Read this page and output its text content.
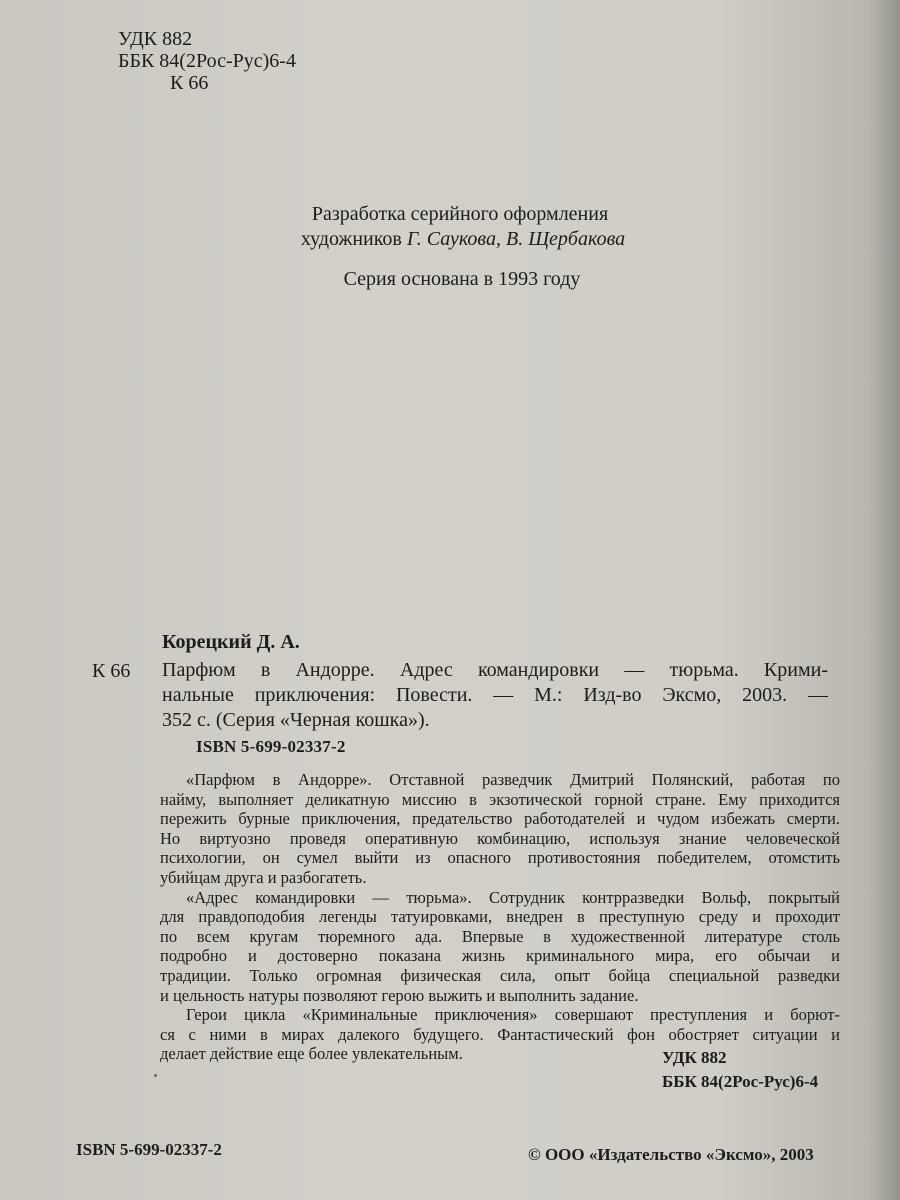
УДК 882
ББК 84(2Рос-Рус)6-4
К 66
Разработка серийного оформления
художников Г. Саукова, В. Щербакова
Серия основана в 1993 году
Корецкий Д. А.
К 66 Парфюм в Андорре. Адрес командировки — тюрьма. Крими-
нальные приключения: Повести. — М.: Изд-во Эксмо, 2003. —
352 с. (Серия «Черная кошка»).
ISBN 5-699-02337-2

«Парфюм в Андорре». Отставной разведчик Дмитрий Полянский, работая по
найму, выполняет деликатную миссию в экзотической горной стране. Ему приходится
пережить бурные приключения, предательство работодателей и чудом избежать смерти.
Но виртуозно проведя оперативную комбинацию, используя знание человеческой
психологии, он сумел выйти из опасного противостояния победителем, отомстить
убийцам друга и разбогатеть.

«Адрес командировки — тюрьма». Сотрудник контрразведки Вольф, покрытый
для правдоподобия легенды татуировками, внедрен в преступную среду и проходит
по всем кругам тюремного ада. Впервые в художественной литературе столь
подробно и достоверно показана жизнь криминального мира, его обычаи и
традиции. Только огромная физическая сила, опыт бойца специальной разведки
и цельность натуры позволяют герою выжить и выполнить задание.

Герои цикла «Криминальные приключения» совершают преступления и борют-
ся с ними в мирах далекого будущего. Фантастический фон обостряет ситуации и
делает действие еще более увлекательным.	УДК 882
ББК 84(2Рос-Рус)6-4
ISBN 5-699-02337-2	© ООО «Издательство «Эксмо», 2003
